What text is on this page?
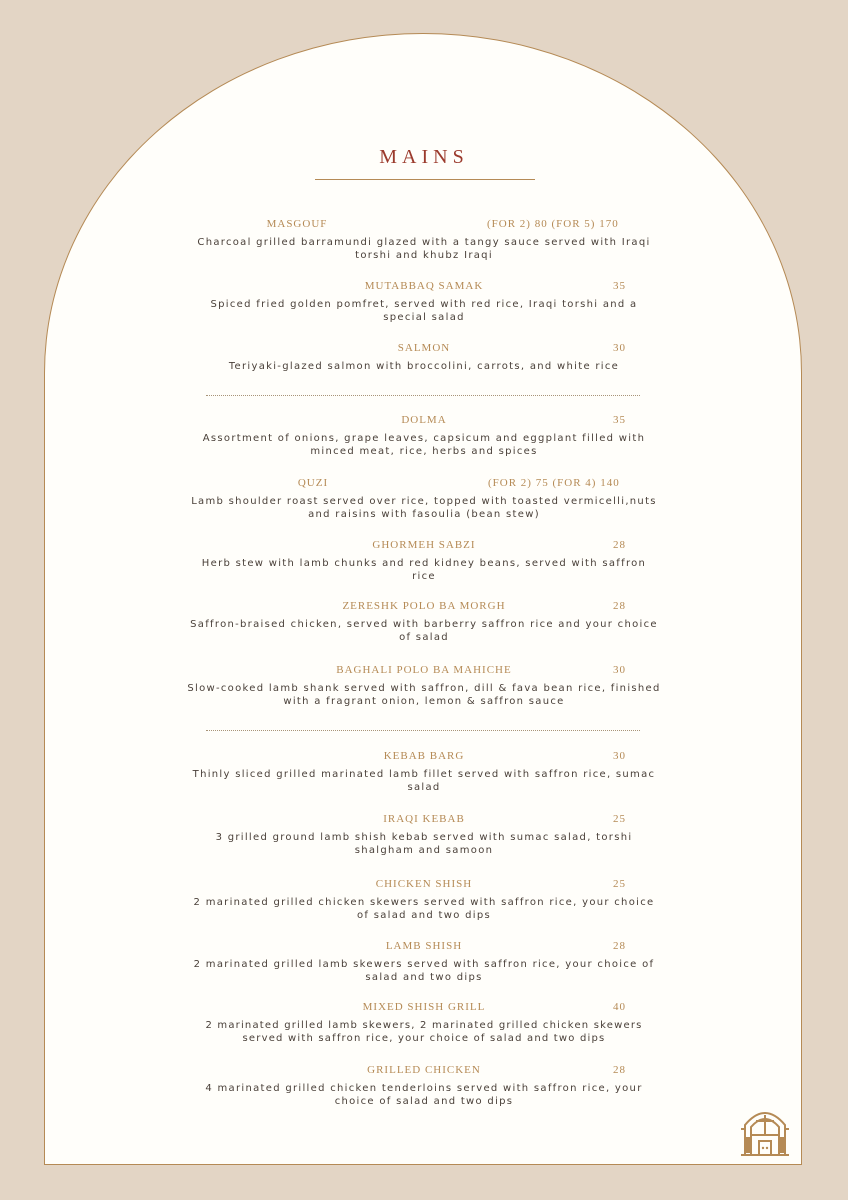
MAINS
MASGOUF	(FOR 2) 80 (FOR 5) 170
Charcoal grilled barramundi glazed with a tangy sauce served with Iraqi torshi and khubz Iraqi
MUTABBAQ SAMAK	35
Spiced fried golden pomfret, served with red rice, Iraqi torshi and a special salad
SALMON	30
Teriyaki-glazed salmon with broccolini, carrots, and white rice
DOLMA	35
Assortment of onions, grape leaves, capsicum and eggplant filled with minced meat, rice, herbs and spices
QUZI	(FOR 2) 75 (FOR 4) 140
Lamb shoulder roast served over rice, topped with toasted vermicelli,nuts and raisins with fasoulia (bean stew)
GHORMEH SABZI	28
Herb stew with lamb chunks and red kidney beans, served with saffron rice
ZERESHK POLO BA MORGH	28
Saffron-braised chicken, served with barberry saffron rice and your choice of salad
BAGHALI POLO BA MAHICHE	30
Slow-cooked lamb shank served with saffron, dill & fava bean rice, finished with a fragrant onion, lemon & saffron sauce
KEBAB BARG	30
Thinly sliced grilled marinated lamb fillet served with saffron rice, sumac salad
IRAQI KEBAB	25
3 grilled ground lamb shish kebab served with sumac salad, torshi shalgham and samoon
CHICKEN SHISH	25
2 marinated grilled chicken skewers served with saffron rice, your choice of salad and two dips
LAMB SHISH	28
2 marinated grilled lamb skewers served with saffron rice, your choice of salad and two dips
MIXED SHISH GRILL	40
2 marinated grilled lamb skewers, 2 marinated grilled chicken skewers served with saffron rice, your choice of salad and two dips
GRILLED CHICKEN	28
4 marinated grilled chicken tenderloins served with saffron rice, your choice of salad and two dips
